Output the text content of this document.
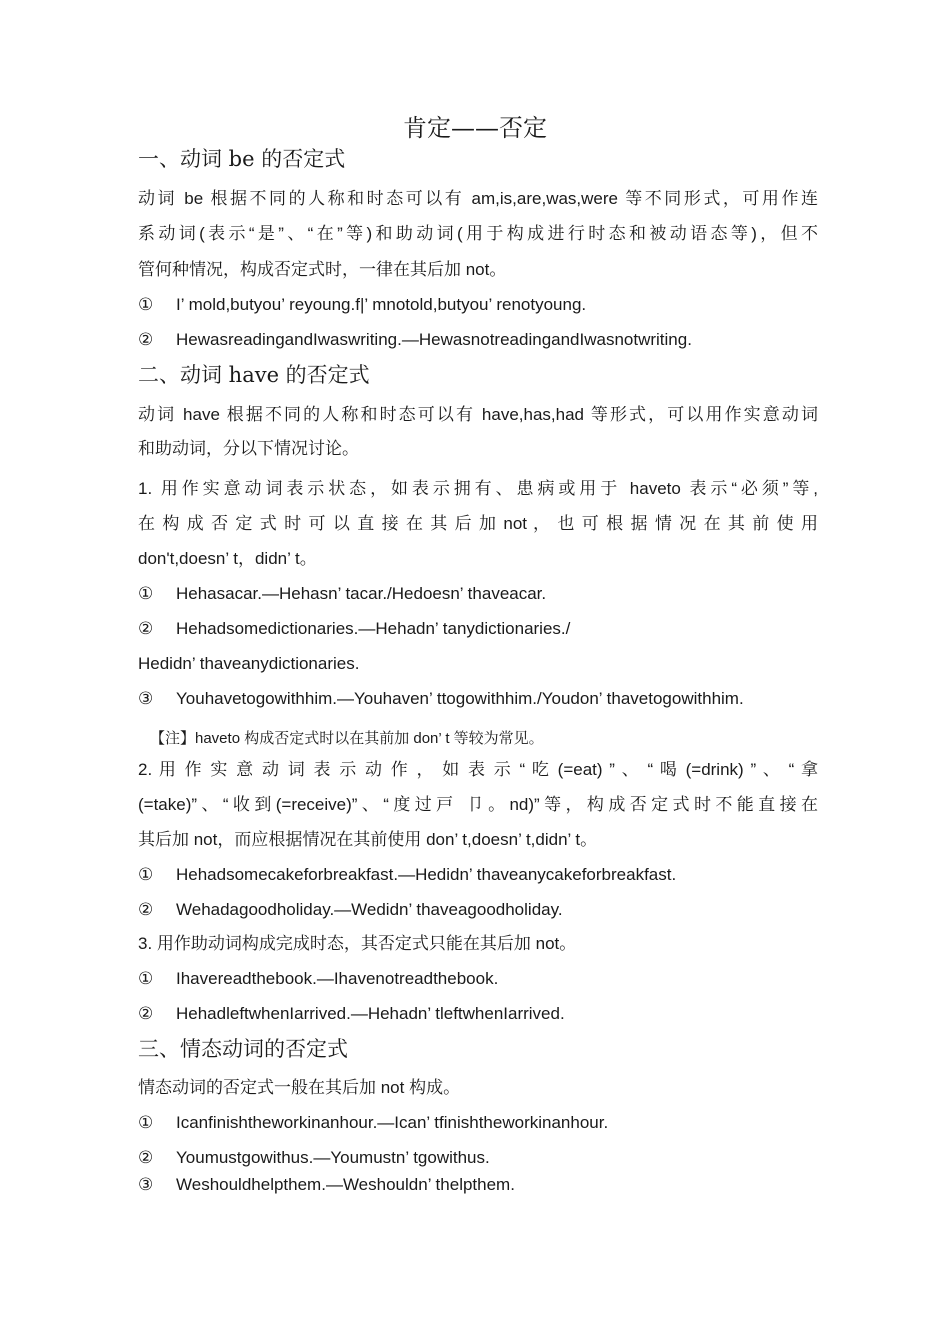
肯定——否定
一、动词 be 的否定式
动词 be 根据不同的人称和时态可以有 am,is,are,was,were 等不同形式，可用作连
系动词(表示“是”、“在”等)和助动词(用于构成进行时态和被动语态等)，但不
管何种情况，构成否定式时，一律在其后加 not。
①	I’ mold,butyou’ reyoung.f|’ mnotold,butyou’ renotyoung.
②	HewasreadingandIwaswriting.—HewasnotreadingandIwasnotwriting.
二、动词 have 的否定式
动词 have 根据不同的人称和时态可以有 have,has,had 等形式，可以用作实意动词
和助动词，分以下情况讨论。
1. 用作实意动词表示状态，如表示拥有、患病或用于 haveto 表示“必须”等,
在 构 成 否 定 式 时 可 以 直 接 在 其 后 加 not ， 也 可 根 据 情 况 在 其 前 使 用
don't,doesn’ t，didn’ t。
①	Hehasacar.—Hehasn’ tacar./Hedoesn’ thaveacar.
②	Hehadsomedictionaries.—Hehadn’ tanydictionaries./
Hedidn’ thaveanydictionaries.
③	Youhavetogowithhim.—Youhaven’ ttogowithhim./Youdon’ thavetogowithhim.
【注】haveto 构成否定式时以在其前加 don’ t 等较为常见。
2. 用 作 实 意 动 词 表 示 动 作 ， 如 表 示 “ 吃 (=eat) ” 、 “ 喝 (=drink) ” 、 “ 拿
(=take)”、“收到(=receive)”、“度过戸 卩。nd)”等，构成否定式时不能直接在
其后加 not，而应根据情况在其前使用 don’ t,doesn’ t,didn’ t。
①	Hehadsomecakeforbreakfast.—Hedidn’ thaveanycakeforbreakfast.
②	Wehadagoodholiday.—Wedidn’ thaveagoodholiday.
3. 用作助动词构成完成时态，其否定式只能在其后加 not。
①	Ihavereadthebook.—Ihavenotreadthebook.
②	HehadleftwhenIarrived.—Hehadn’ tleftwhenIarrived.
三、情态动词的否定式
情态动词的否定式一般在其后加 not 构成。
①	Icanfinishtheworkinanhour.—Ican’ tfinishtheworkinanhour.
②	Youmustgowithus.—Youmustn’ tgowithus.
③	Weshouldhelpthem.—Weshouldn’ thelpthem.
